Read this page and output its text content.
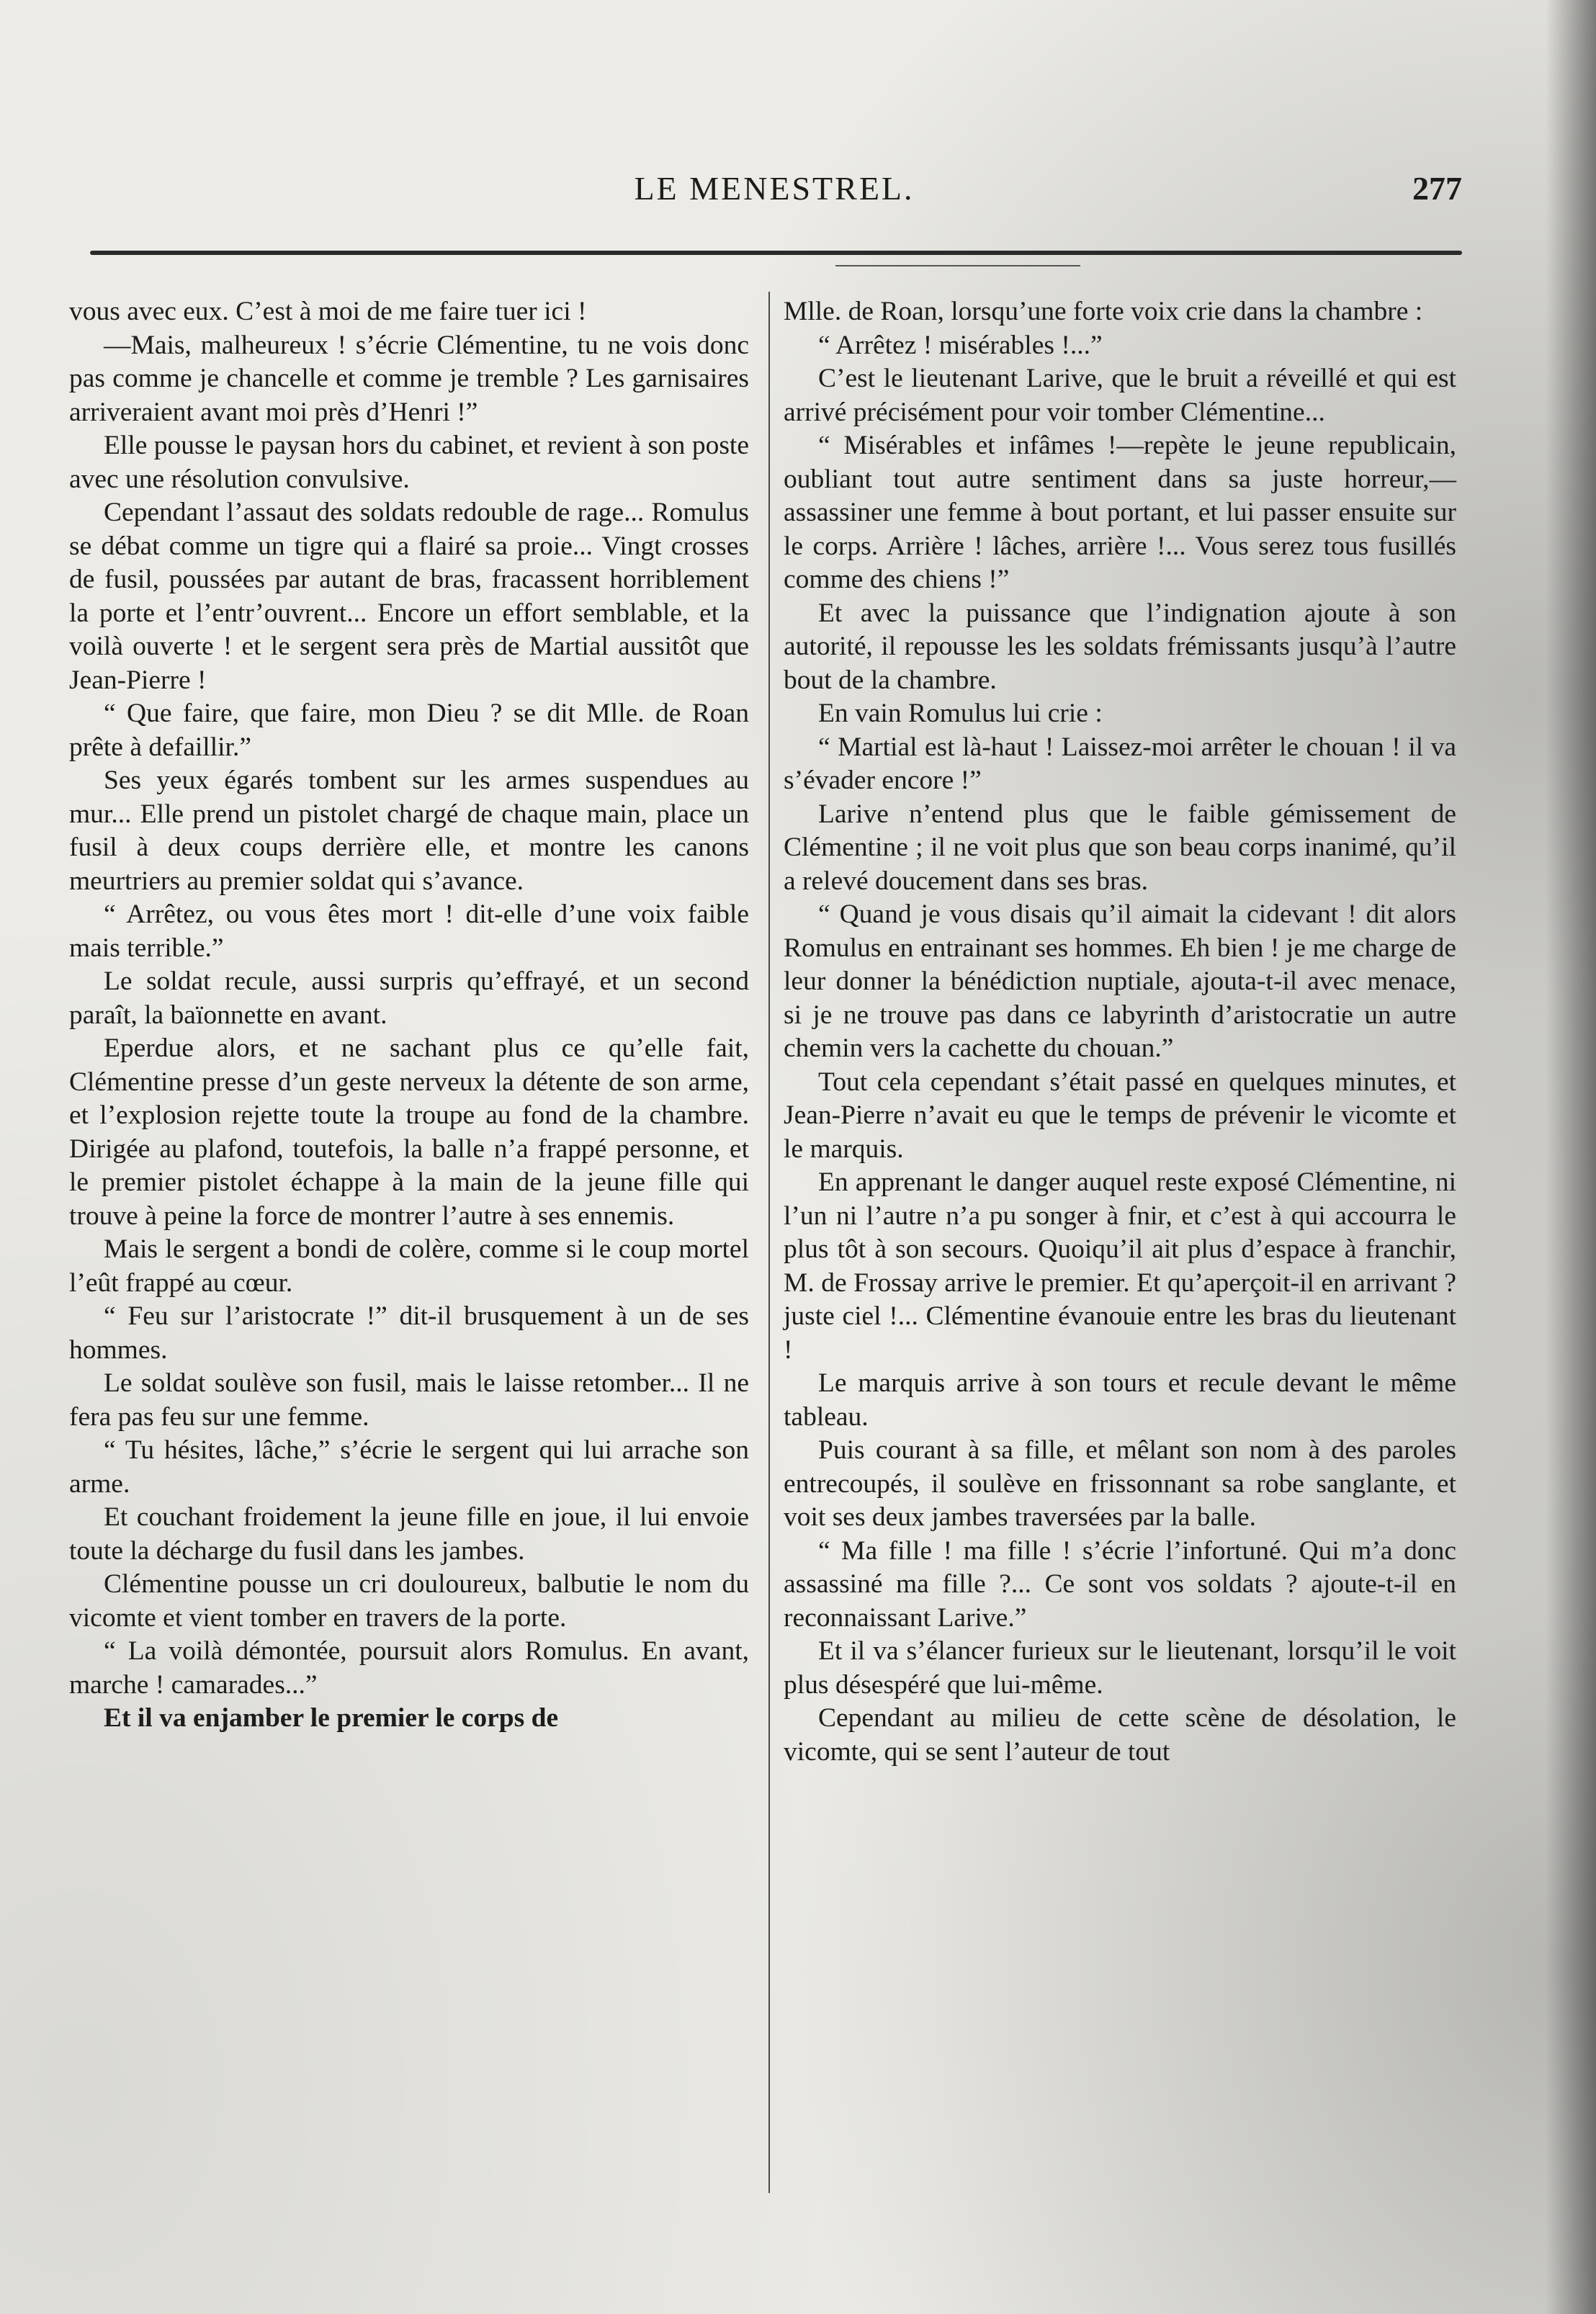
LE MENESTREL.	277

vous avec eux. C’est à moi de me faire tuer ici !

—Mais, malheureux ! s’écrie Clémentine, tu ne vois donc pas comme je chancelle et comme je tremble ? Les garnisaires arriveraient avant moi près d’Henri !”

Elle pousse le paysan hors du cabinet, et revient à son poste avec une résolution convulsive.

Cependant l’assaut des soldats redouble de rage... Romulus se débat comme un tigre qui a flairé sa proie... Vingt crosses de fusil, poussées par autant de bras, fracassent horriblement la porte et l’entr’ouvrent... Encore un effort semblable, et la voilà ouverte ! et le sergent sera près de Martial aussitôt que Jean-Pierre !

“ Que faire, que faire, mon Dieu ? se dit Mlle. de Roan prête à defaillir.”

Ses yeux égarés tombent sur les armes suspendues au mur... Elle prend un pistolet chargé de chaque main, place un fusil à deux coups derrière elle, et montre les canons meurtriers au premier soldat qui s’avance.

“ Arrêtez, ou vous êtes mort ! dit-elle d’une voix faible mais terrible.”

Le soldat recule, aussi surpris qu’effrayé, et un second paraît, la baïonnette en avant.

Eperdue alors, et ne sachant plus ce qu’elle fait, Clémentine presse d’un geste nerveux la détente de son arme, et l’explosion rejette toute la troupe au fond de la chambre. Dirigée au plafond, toutefois, la balle n’a frappé personne, et le premier pistolet échappe à la main de la jeune fille qui trouve à peine la force de montrer l’autre à ses ennemis.

Mais le sergent a bondi de colère, comme si le coup mortel l’eût frappé au cœur.

“ Feu sur l’aristocrate !” dit-il brusquement à un de ses hommes.

Le soldat soulève son fusil, mais le laisse retomber... Il ne fera pas feu sur une femme.

“ Tu hésites, lâche,” s’écrie le sergent qui lui arrache son arme.

Et couchant froidement la jeune fille en joue, il lui envoie toute la décharge du fusil dans les jambes.

Clémentine pousse un cri douloureux, balbutie le nom du vicomte et vient tomber en travers de la porte.

“ La voilà démontée, poursuit alors Romulus. En avant, marche ! camarades...”

Et il va enjamber le premier le corps de

Mlle. de Roan, lorsqu’une forte voix crie dans la chambre :

“ Arrêtez ! misérables !...”

C’est le lieutenant Larive, que le bruit a réveillé et qui est arrivé précisément pour voir tomber Clémentine...

“ Misérables et infâmes !—repète le jeune republicain, oubliant tout autre sentiment dans sa juste horreur,—assassiner une femme à bout portant, et lui passer ensuite sur le corps. Arrière ! lâches, arrière !... Vous serez tous fusillés comme des chiens !”

Et avec la puissance que l’indignation ajoute à son autorité, il repousse les les soldats frémissants jusqu’à l’autre bout de la chambre.

En vain Romulus lui crie :

“ Martial est là-haut ! Laissez-moi arrêter le chouan ! il va s’évader encore !”

Larive n’entend plus que le faible gémissement de Clémentine ; il ne voit plus que son beau corps inanimé, qu’il a relevé doucement dans ses bras.

“ Quand je vous disais qu’il aimait la cidevant ! dit alors Romulus en entrainant ses hommes. Eh bien ! je me charge de leur donner la bénédiction nuptiale, ajouta-t-il avec menace, si je ne trouve pas dans ce labyrinth d’aristocratie un autre chemin vers la cachette du chouan.”

Tout cela cependant s’était passé en quelques minutes, et Jean-Pierre n’avait eu que le temps de prévenir le vicomte et le marquis.

En apprenant le danger auquel reste exposé Clémentine, ni l’un ni l’autre n’a pu songer à fnir, et c’est à qui accourra le plus tôt à son secours. Quoiqu’il ait plus d’espace à franchir, M. de Frossay arrive le premier. Et qu’aperçoit-il en arrivant ? juste ciel !... Clémentine évanouie entre les bras du lieutenant !

Le marquis arrive à son tours et recule devant le même tableau.

Puis courant à sa fille, et mêlant son nom à des paroles entrecoupés, il soulève en frissonnant sa robe sanglante, et voit ses deux jambes traversées par la balle.

“ Ma fille ! ma fille ! s’écrie l’infortuné. Qui m’a donc assassiné ma fille ?... Ce sont vos soldats ? ajoute-t-il en reconnaissant Larive.”

Et il va s’élancer furieux sur le lieutenant, lorsqu’il le voit plus désespéré que lui-même.

Cependant au milieu de cette scène de désolation, le vicomte, qui se sent l’auteur de tout
